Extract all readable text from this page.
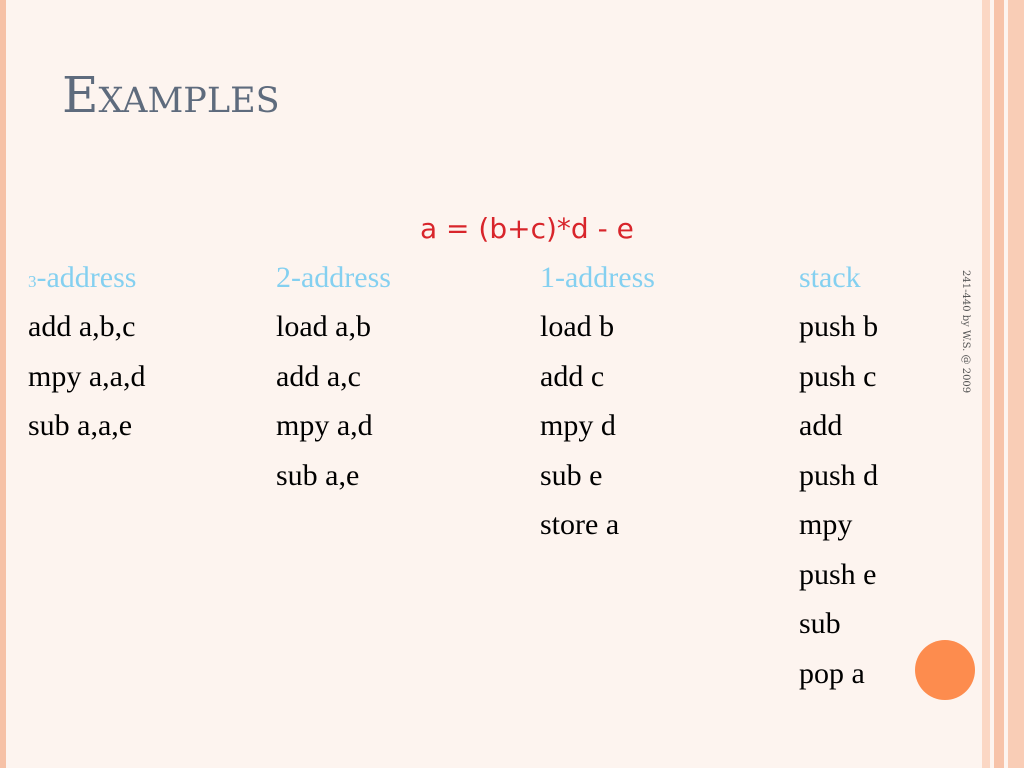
Examples
a = (b+c)*d - e
3-address
add a,b,c
mpy a,a,d
sub a,a,e
2-address
load a,b
add a,c
mpy a,d
sub a,e
1-address
load b
add c
mpy d
sub e
store a
stack
push b
push c
add
push d
mpy
push e
sub
pop a
241-440 by W.S. @ 2009
